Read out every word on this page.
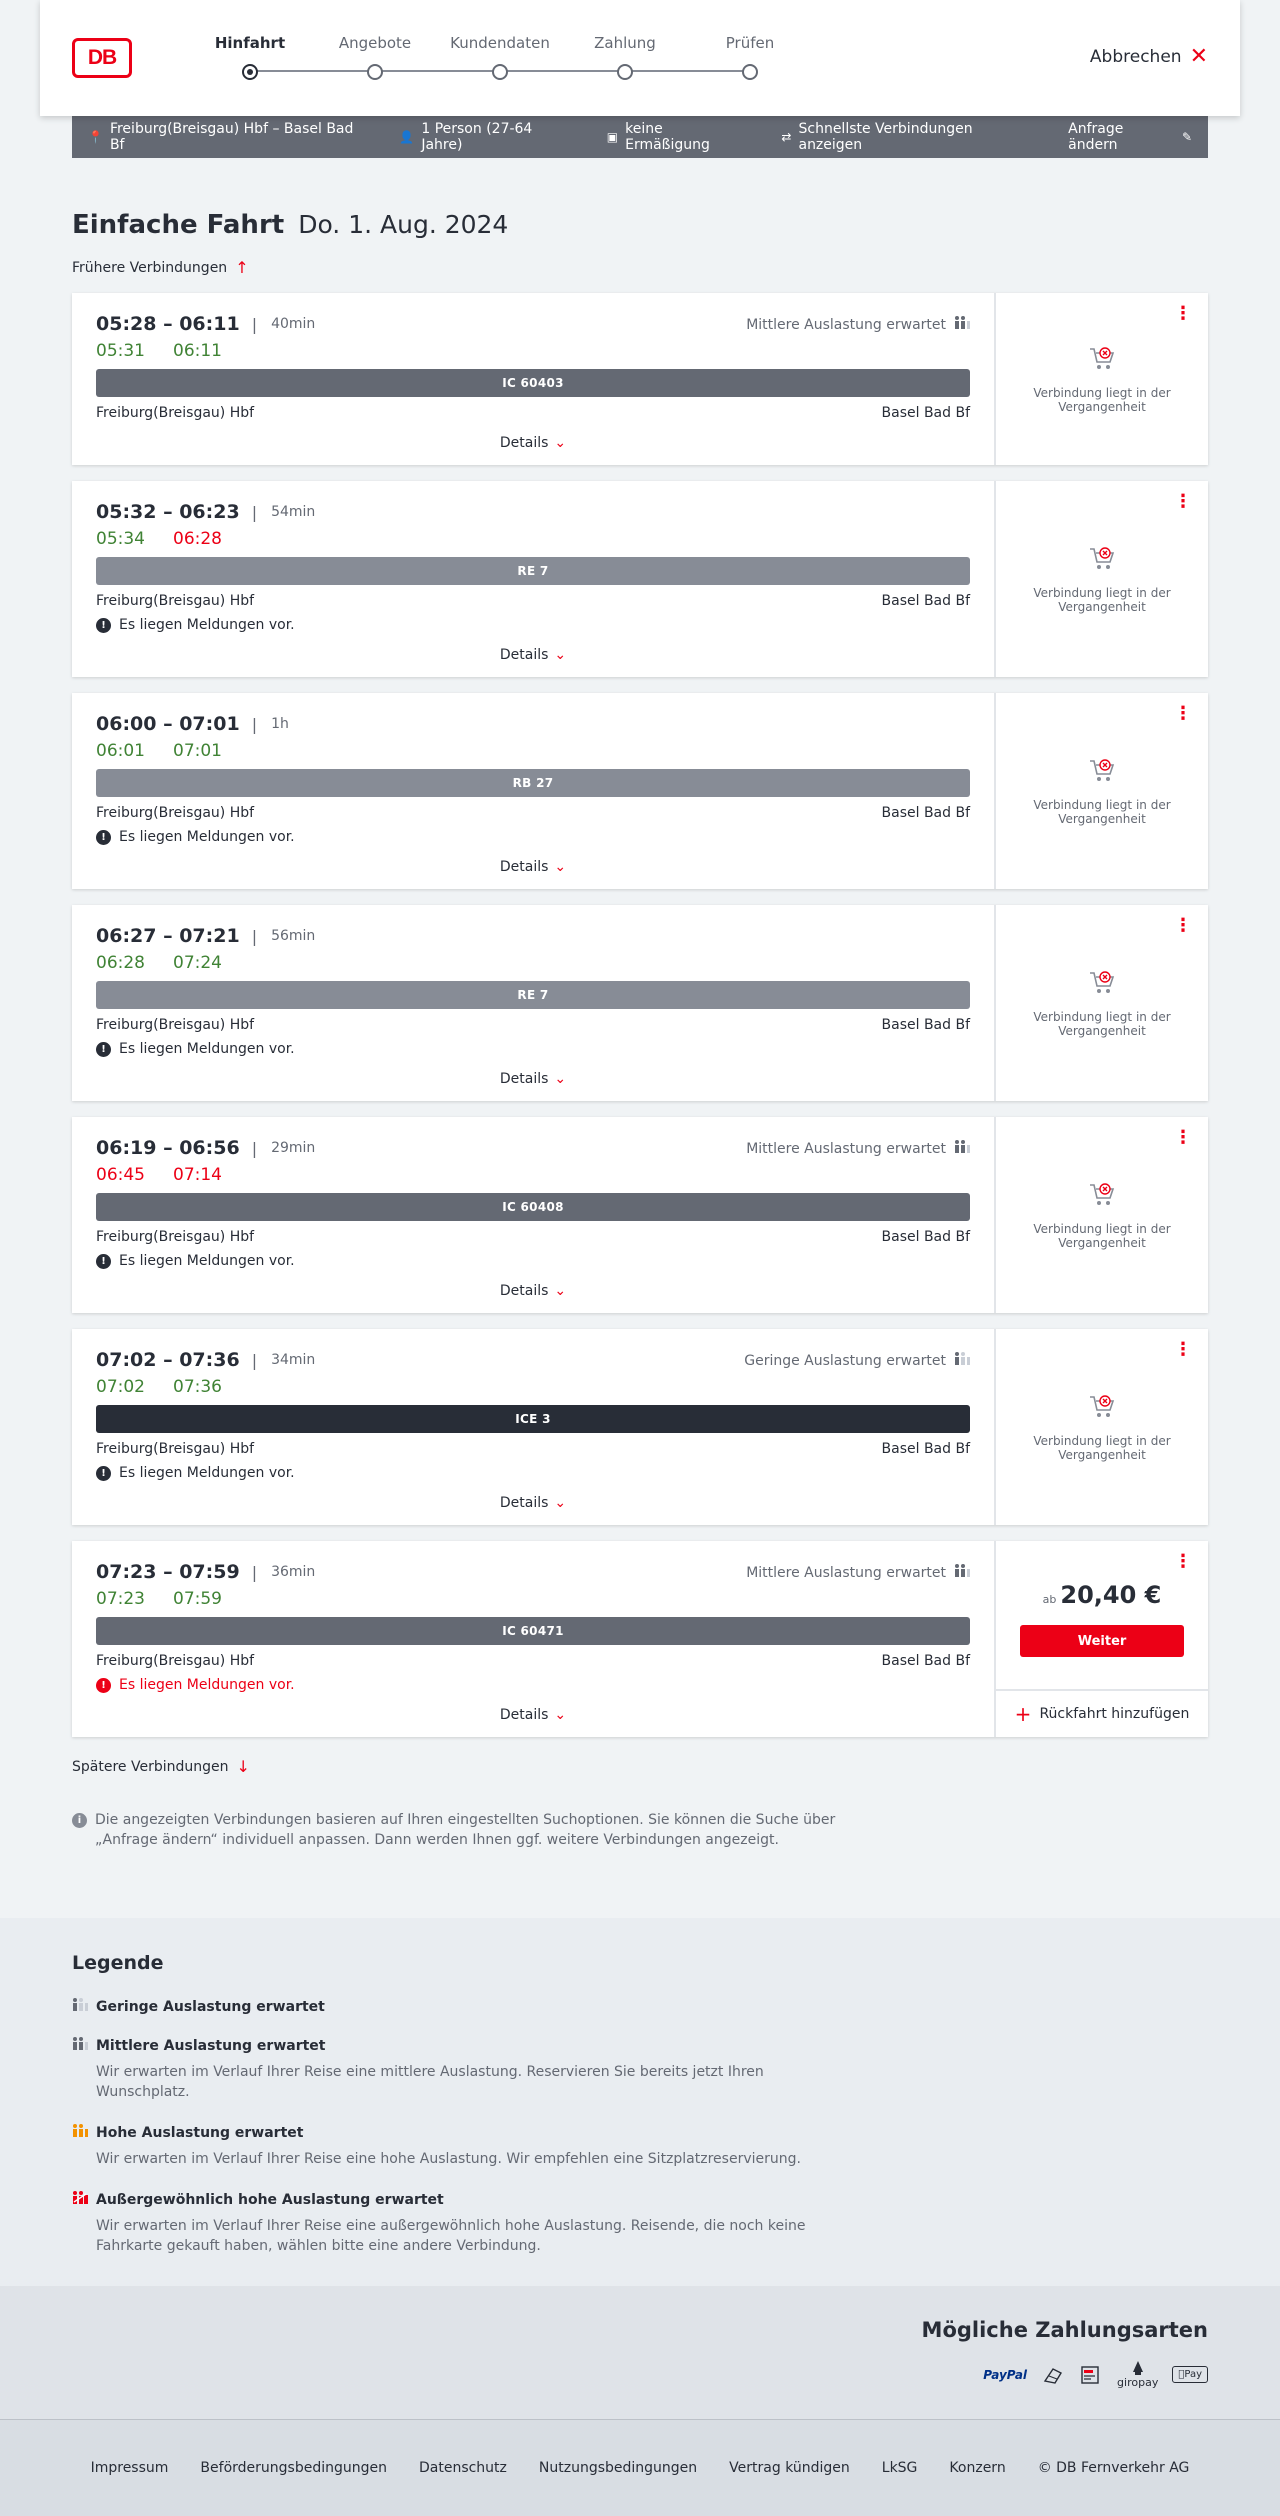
DB
Hinfahrt	Angebote	Kundendaten	Zahlung	Prüfen
Abbrechen ✕
📍 Freiburg(Breisgau) Hbf – Basel Bad Bf	👤 1 Person (27-64 Jahre)	▣ keine Ermäßigung	⇄ Schnellste Verbindungen anzeigen
Anfrage ändern	✎
Einfache Fahrt Do. 1. Aug. 2024
Frühere Verbindungen ↑
05:28 – 06:11 | 40min	Mittlere Auslastung erwartet
05:31 06:11
IC 60403
Freiburg(Breisgau) Hbf	Basel Bad Bf
Details ⌄
⋮
Verbindung liegt in der Vergangenheit
05:32 – 06:23 | 54min
05:34 06:28
RE 7
Freiburg(Breisgau) Hbf	Basel Bad Bf
! Es liegen Meldungen vor.
Details ⌄
⋮
Verbindung liegt in der Vergangenheit
06:00 – 07:01 | 1h
06:01 07:01
RB 27
Freiburg(Breisgau) Hbf	Basel Bad Bf
! Es liegen Meldungen vor.
Details ⌄
⋮
Verbindung liegt in der Vergangenheit
06:27 – 07:21 | 56min
06:28 07:24
RE 7
Freiburg(Breisgau) Hbf	Basel Bad Bf
! Es liegen Meldungen vor.
Details ⌄
⋮
Verbindung liegt in der Vergangenheit
06:19 – 06:56 | 29min	Mittlere Auslastung erwartet
06:45 07:14
IC 60408
Freiburg(Breisgau) Hbf	Basel Bad Bf
! Es liegen Meldungen vor.
Details ⌄
⋮
Verbindung liegt in der Vergangenheit
07:02 – 07:36 | 34min	Geringe Auslastung erwartet
07:02 07:36
ICE 3
Freiburg(Breisgau) Hbf	Basel Bad Bf
! Es liegen Meldungen vor.
Details ⌄
⋮
Verbindung liegt in der Vergangenheit
07:23 – 07:59 | 36min	Mittlere Auslastung erwartet
07:23 07:59
IC 60471
Freiburg(Breisgau) Hbf	Basel Bad Bf
! Es liegen Meldungen vor.
Details ⌄
⋮
ab 20,40 €
Weiter
+ Rückfahrt hinzufügen
Spätere Verbindungen ↓
i Die angezeigten Verbindungen basieren auf Ihren eingestellten Suchoptionen. Sie können die Suche über „Anfrage ändern“ individuell anpassen. Dann werden Ihnen ggf. weitere Verbindungen angezeigt.
Legende
Geringe Auslastung erwartet
Mittlere Auslastung erwartet
Wir erwarten im Verlauf Ihrer Reise eine mittlere Auslastung. Reservieren Sie bereits jetzt Ihren Wunschplatz.
Hohe Auslastung erwartet
Wir erwarten im Verlauf Ihrer Reise eine hohe Auslastung. Wir empfehlen eine Sitzplatzreservierung.
Außergewöhnlich hohe Auslastung erwartet
Wir erwarten im Verlauf Ihrer Reise eine außergewöhnlich hohe Auslastung. Reisende, die noch keine Fahrkarte gekauft haben, wählen bitte eine andere Verbindung.
Mögliche Zahlungsarten
PayPal
giropay
Pay
Impressum Beförderungsbedingungen Datenschutz Nutzungsbedingungen Vertrag kündigen LkSG Konzern © DB Fernverkehr AG
